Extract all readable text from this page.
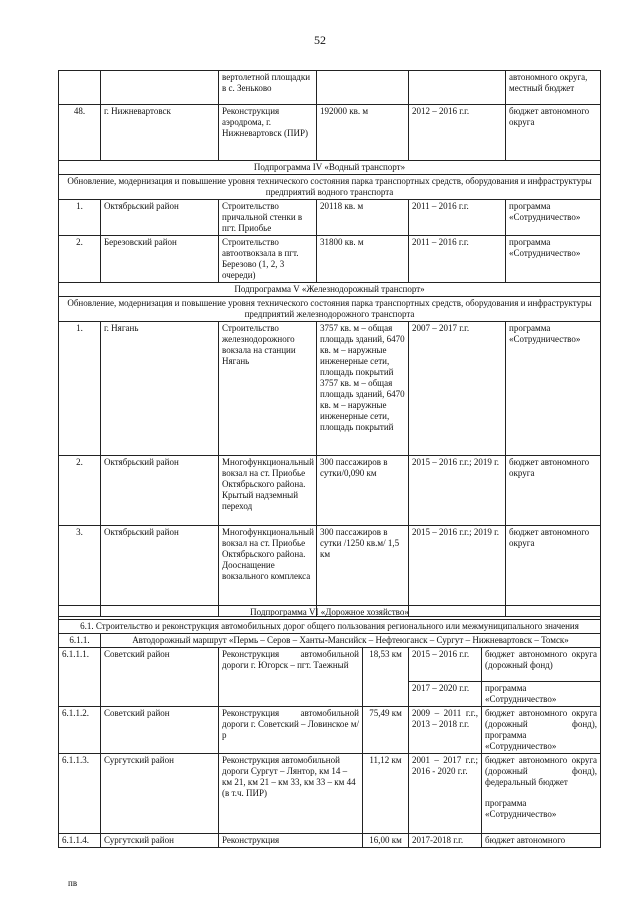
52
		вертолетной площадки в с. Зеньково			автономного округа, местный бюджет
48.	г. Нижневартовск	Реконструкция аэродрома, г. Нижневартовск (ПИР)	192000 кв. м	2012 – 2016 г.г.	бюджет автономного округа
Подпрограмма IV «Водный транспорт»					
Обновление, модернизация и повышение уровня технического состояния парка транспортных средств, оборудования и инфраструктуры предприятий водного транспорта					
1.	Октябрьский район	Строительство причальной стенки в пгт. Приобье	20118 кв. м	2011 – 2016 г.г.	программа «Сотрудничество»
2.	Березовский район	Строительство автоотвокзала в пгт. Березово (1, 2, 3 очереди)	31800 кв. м	2011 – 2016 г.г.	программа «Сотрудничество»
Подпрограмма V «Железнодорожный транспорт»					
Обновление, модернизация и повышение уровня технического состояния парка транспортных средств, оборудования и инфраструктуры предприятий железнодорожного транспорта					
1.	г. Нягань	Строительство железнодорожного вокзала на станции Нягань	3757 кв. м – общая площадь зданий, 6470 кв. м – наружные инженерные сети, площадь покрытий 3757 кв. м – общая площадь зданий, 6470 кв. м – наружные инженерные сети, площадь покрытий	2007 – 2017 г.г.	программа «Сотрудничество»
2.	Октябрьский район	Многофункциональный вокзал на ст. Приобье Октябрьского района. Крытый надземный переход	300 пассажиров в сутки/0,090 км	2015 – 2016 г.г.; 2019 г.	бюджет автономного округа
3.	Октябрьский район	Многофункциональный вокзал на ст. Приобье Октябрьского района. Дооснащение вокзального комплекса	300 пассажиров в сутки /1250 кв.м/ 1,5 км	2015 – 2016 г.г.; 2019 г.	бюджет автономного округа
Подпрограмма VI «Дорожное хозяйство»					
6.1. Строительство и реконструкция автомобильных дорог общего пользования регионального или межмуниципального значения					
6.1.1.	Автодорожный маршрут «Пермь – Серов – Ханты-Мансийск – Нефтеюганск – Сургут – Нижневартовск – Томск»				
6.1.1.1.	Советский район	Реконструкция автомобильной дороги г. Югорск – пгт. Таежный	18,53 км	2015 – 2016 г.г.	бюджет автономного округа (дорожный фонд)
				2017 – 2020 г.г.	программа «Сотрудничество»
6.1.1.2.	Советский район	Реконструкция автомобильной дороги г. Советский – Ловинское м/р	75,49 км	2009 – 2011 г.г., 2013 – 2018 г.г.	бюджет автономного округа (дорожный фонд), программа «Сотрудничество»
6.1.1.3.	Сургутский район	Реконструкция автомобильной дороги Сургут – Лянтор, км 14 – км 21, км 21 – км 33, км 33 – км 44 (в т.ч. ПИР)	11,12 км	2001 – 2017 г.г.; 2016 - 2020 г.г.	бюджет автономного округа (дорожный фонд), федеральный бюджет
программа «Сотрудничество»

6.1.1.4.	Сургутский район	Реконструкция	16,00 км	2017-2018 г.г.	бюджет автономного
пв
